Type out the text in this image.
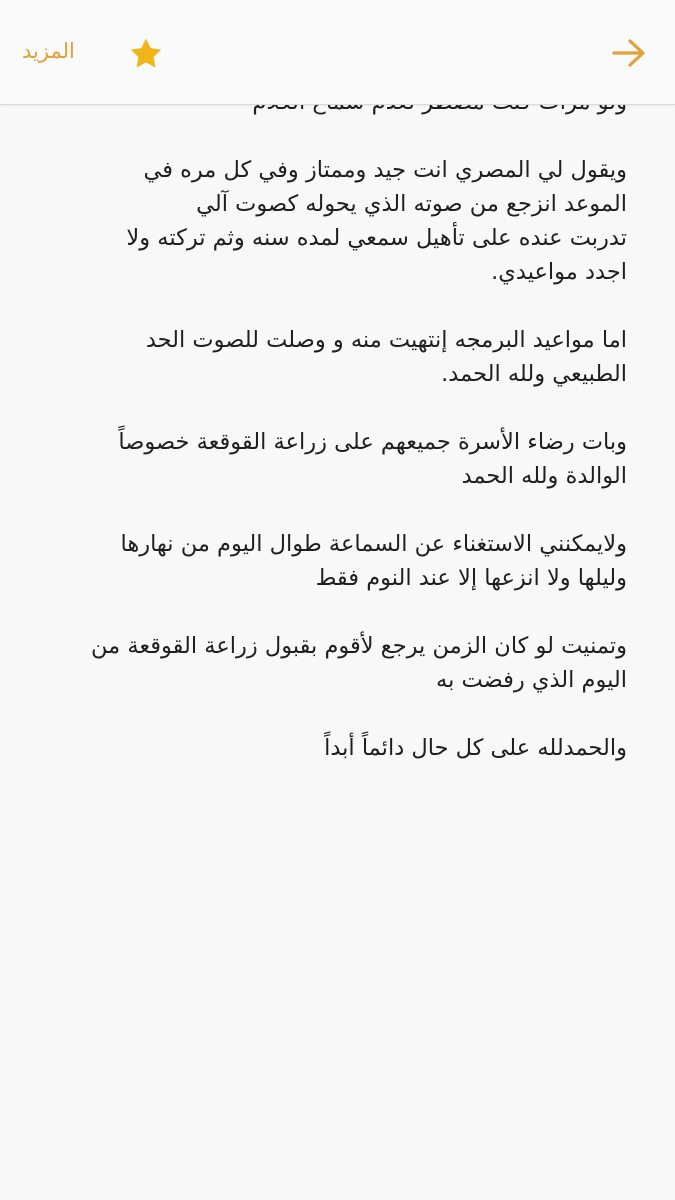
ويقول لي المصري انت جيد وممتاز وفي كل مره في
الموعد انزجع من صوته الذي يحوله كصوت آلي
تدربت عنده على تأهيل سمعي لمده سنه وثم تركته ولا
اجدد مواعيدي.

اما مواعيد البرمجه إنتهيت منه و وصلت للصوت الحد
الطبيعي ولله الحمد.

وبات رضاء الأسرة جميعهم على زراعة القوقعة خصوصاً
الوالدة ولله الحمد

ولايمكنني الاستغناء عن السماعة طوال اليوم من نهارها
وليلها ولا انزعها إلا عند النوم فقط

وتمنيت لو كان الزمن يرجع لأقوم بقبول زراعة القوقعة من
اليوم الذي رفضت به

والحمدلله على كل حال دائماً أبداً

المزيد
